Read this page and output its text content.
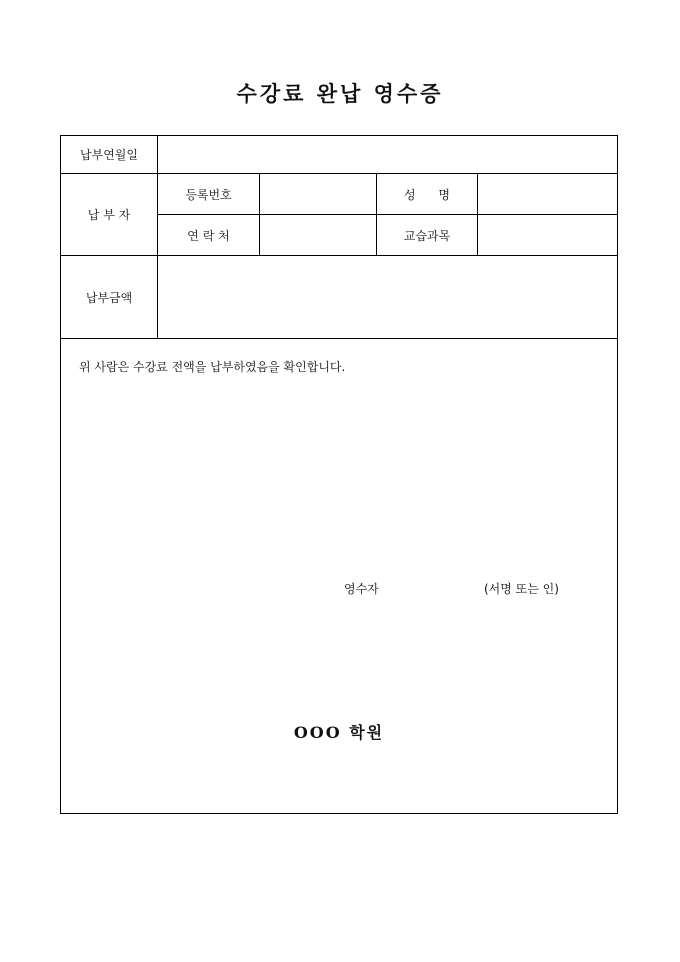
수강료 완납 영수증
납부연월일
납 부 자
등록번호	성      명
연 락 처	교습과목
납부금액
위 사람은 수강료 전액을 납부하였음을 확인합니다.
영수자	(서명 또는 인)
OOO 학원
